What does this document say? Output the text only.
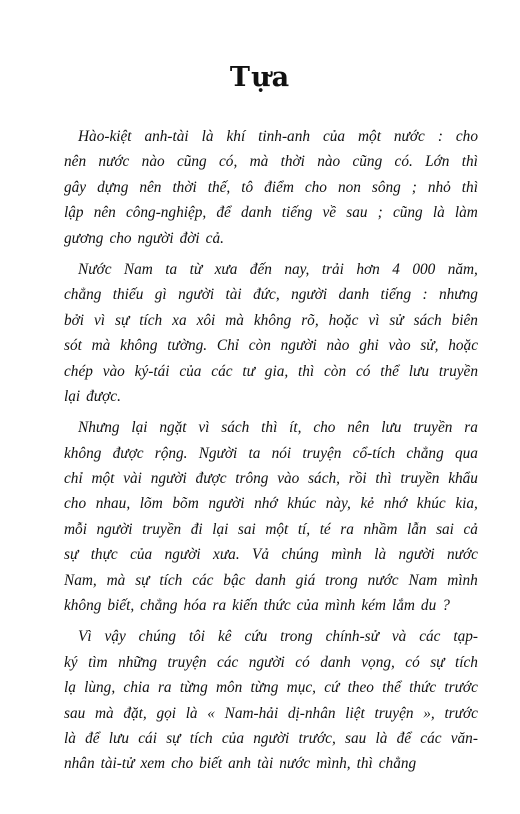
Tựa
Hào-kiệt anh-tài là khí tinh-anh của một nước : cho
nên nước nào cũng có, mà thời nào cũng có. Lớn thì
gây dựng nên thời thế, tô điểm cho non sông ; nhỏ thì
lập nên công-nghiệp, để danh tiếng về sau ; cũng là làm
gương cho người đời cả.
Nước Nam ta từ xưa đến nay, trải hơn 4 000 năm,
chẳng thiếu gì người tài đức, người danh tiếng : nhưng
bởi vì sự tích xa xôi mà không rõ, hoặc vì sử sách biên
sót mà không tường. Chỉ còn người nào ghi vào sử, hoặc
chép vào ký-tái của các tư gia, thì còn có thể lưu truyền
lại được.
Nhưng lại ngặt vì sách thì ít, cho nên lưu truyền ra
không được rộng. Người ta nói truyện cổ-tích chẳng qua
chỉ một vài người được trông vào sách, rồi thì truyền khẩu
cho nhau, lõm bõm người nhớ khúc này, kẻ nhớ khúc kia,
mỗi người truyền đi lại sai một tí, té ra nhầm lẫn sai cả
sự thực của người xưa. Vả chúng mình là người nước
Nam, mà sự tích các bậc danh giá trong nước Nam mình
không biết, chẳng hóa ra kiến thức của mình kém lắm du ?
Vì vậy chúng tôi kê cứu trong chính-sử và các tạp-
ký tìm những truyện các người có danh vọng, có sự tích
lạ lùng, chia ra từng môn từng mục, cứ theo thể thức trước
sau mà đặt, gọi là « Nam-hải dị-nhân liệt truyện », trước
là để lưu cái sự tích của người trước, sau là để các văn-
nhân tài-tử xem cho biết anh tài nước mình, thì chẳng
